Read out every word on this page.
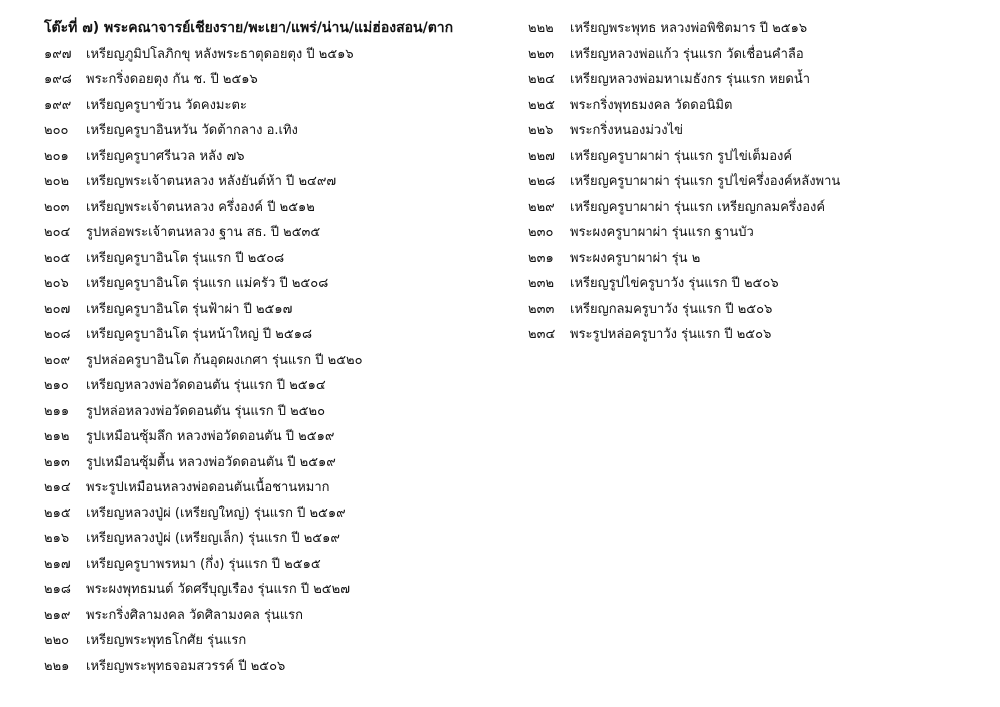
โต๊ะที่ ๗) พระคณาจารย์เชียงราย/พะเยา/แพร่/น่าน/แม่ฮ่องสอน/ตาก
๑๙๗	เหรียญภูมิปโลภิกขุ หลังพระธาตุดอยตุง ปี ๒๕๑๖
๑๙๘	พระกริ่งดอยตุง กัน ช. ปี ๒๕๑๖
๑๙๙	เหรียญครูบาข้วน วัดคงมะตะ
๒๐๐	เหรียญครูบาอินหวัน วัดต้ากลาง อ.เทิง
๒๐๑	เหรียญครูบาศรีนวล หลัง ๗๖
๒๐๒	เหรียญพระเจ้าตนหลวง หลังยันต์ห้า ปี ๒๔๙๗
๒๐๓	เหรียญพระเจ้าตนหลวง ครึ่งองค์ ปี ๒๕๑๒
๒๐๔	รูปหล่อพระเจ้าตนหลวง ฐาน สธ. ปี ๒๕๓๕
๒๐๕	เหรียญครูบาอินโต รุ่นแรก ปี ๒๕๐๘
๒๐๖	เหรียญครูบาอินโต รุ่นแรก แม่ครัว ปี ๒๕๐๘
๒๐๗	เหรียญครูบาอินโต รุ่นฟ้าผ่า ปี ๒๕๑๗
๒๐๘	เหรียญครูบาอินโต รุ่นหน้าใหญ่ ปี ๒๕๑๘
๒๐๙	รูปหล่อครูบาอินโต ก้นอุดผงเกศา รุ่นแรก ปี ๒๕๒๐
๒๑๐	เหรียญหลวงพ่อวัดดอนตัน รุ่นแรก ปี ๒๕๑๔
๒๑๑	รูปหล่อหลวงพ่อวัดดอนตัน รุ่นแรก ปี ๒๕๒๐
๒๑๒	รูปเหมือนซุ้มลึก หลวงพ่อวัดดอนตัน ปี ๒๕๑๙
๒๑๓	รูปเหมือนซุ้มตื้น หลวงพ่อวัดดอนตัน ปี ๒๕๑๙
๒๑๔	พระรูปเหมือนหลวงพ่อดอนตันเนื้อชานหมาก
๒๑๕	เหรียญหลวงปู่ผ่ (เหรียญใหญ่) รุ่นแรก ปี ๒๕๑๙
๒๑๖	เหรียญหลวงปู่ผ่ (เหรียญเล็ก) รุ่นแรก ปี ๒๕๑๙
๒๑๗	เหรียญครูบาพรหมา (กึ่ง) รุ่นแรก ปี ๒๕๑๕
๒๑๘	พระผงพุทธมนต์ วัดศรีบุญเรือง รุ่นแรก ปี ๒๕๒๗
๒๑๙	พระกริ่งศิลามงคล วัดศิลามงคล รุ่นแรก
๒๒๐	เหรียญพระพุทธโกศัย รุ่นแรก
๒๒๑	เหรียญพระพุทธจอมสวรรค์ ปี ๒๕๐๖
๒๒๒	เหรียญพระพุทธ หลวงพ่อพิชิตมาร ปี ๒๕๑๖
๒๒๓	เหรียญหลวงพ่อแก้ว รุ่นแรก วัดเชื่อนคำลือ
๒๒๔	เหรียญหลวงพ่อมหาเมธังกร รุ่นแรก หยดน้ำ
๒๒๕	พระกริ่งพุทธมงคล วัดดอนิมิต
๒๒๖	พระกริ่งหนองม่วงไข่
๒๒๗	เหรียญครูบาผาผ่า รุ่นแรก รูปไข่เต็มองค์
๒๒๘	เหรียญครูบาผาผ่า รุ่นแรก รูปไข่ครึ่งองค์หลังพาน
๒๒๙	เหรียญครูบาผาผ่า รุ่นแรก เหรียญกลมครึ่งองค์
๒๓๐	พระผงครูบาผาผ่า รุ่นแรก ฐานบัว
๒๓๑	พระผงครูบาผาผ่า รุ่น ๒
๒๓๒	เหรียญรูปไข่ครูบาวัง รุ่นแรก ปี ๒๕๐๖
๒๓๓	เหรียญกลมครูบาวัง รุ่นแรก ปี ๒๕๐๖
๒๓๔	พระรูปหล่อครูบาวัง รุ่นแรก ปี ๒๕๐๖
